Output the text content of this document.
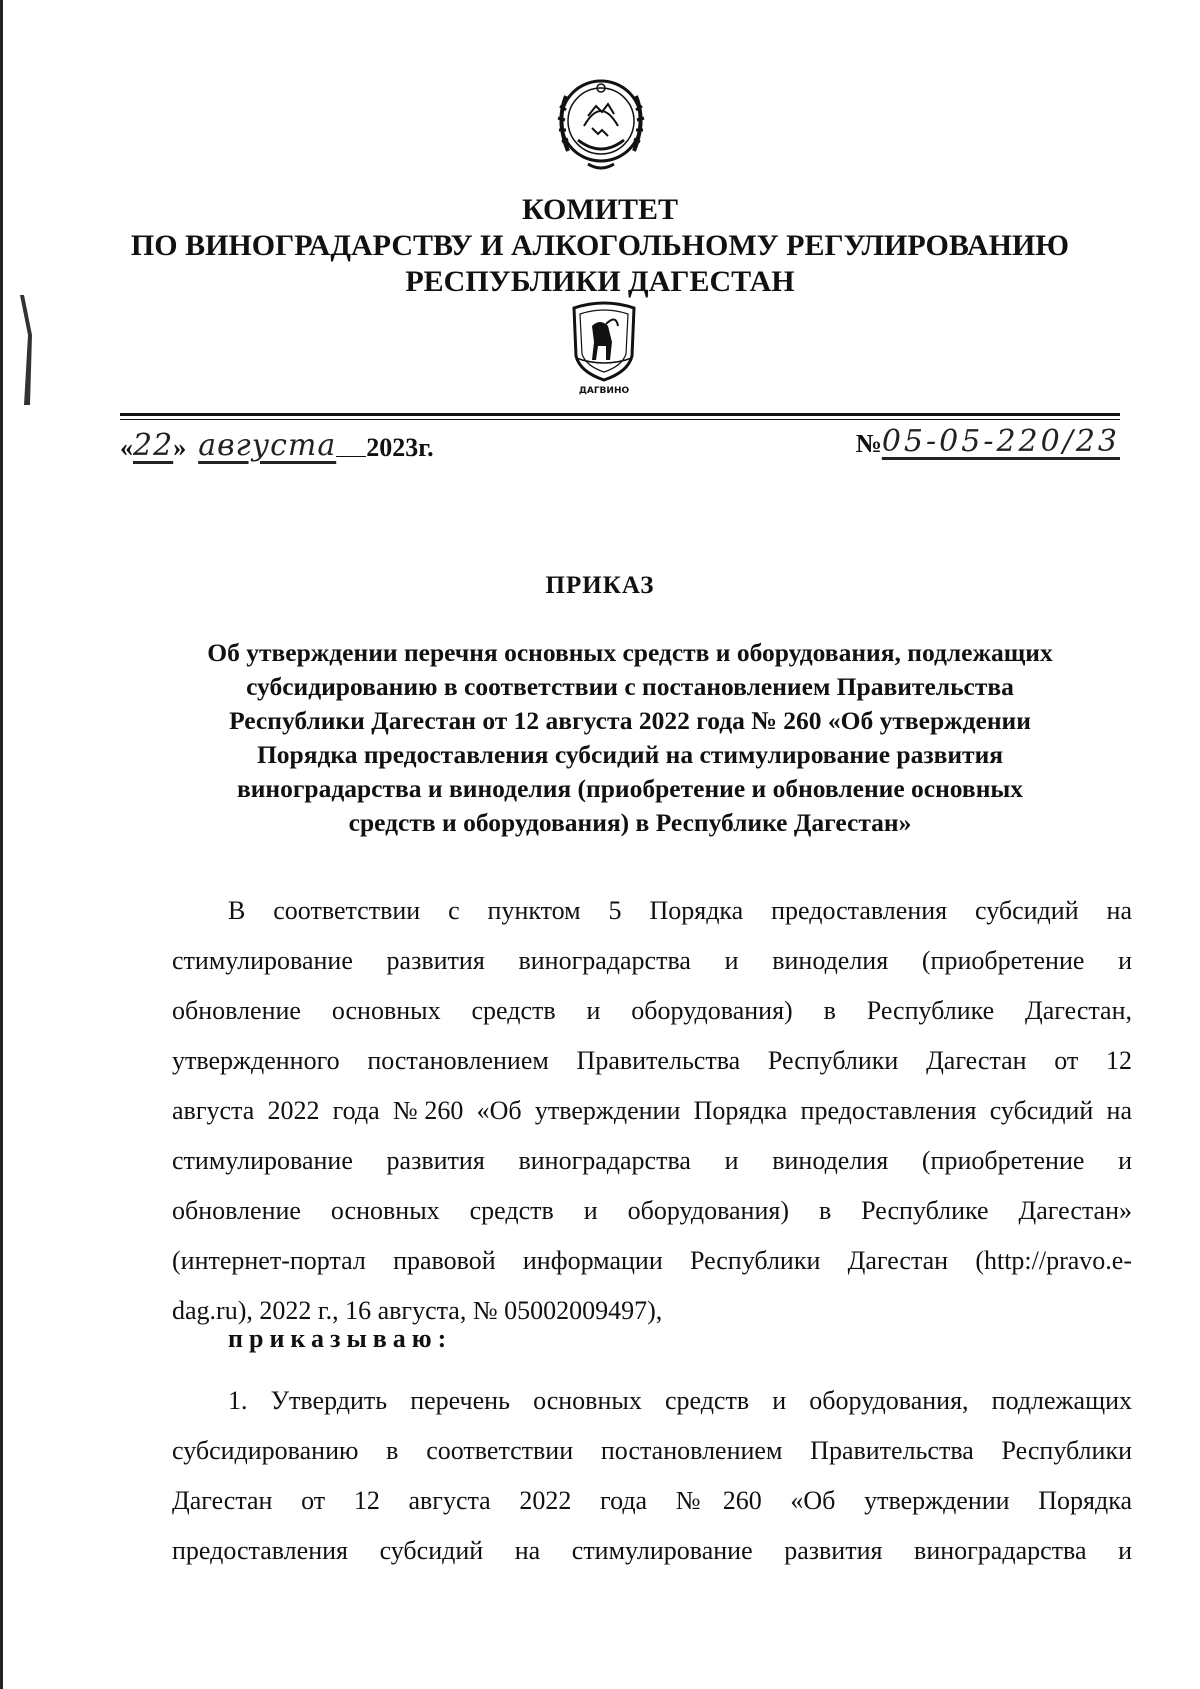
КОМИТЕТ
ПО ВИНОГРАДАРСТВУ И АЛКОГОЛЬНОМУ РЕГУЛИРОВАНИЮ
РЕСПУБЛИКИ ДАГЕСТАН
ДАГВИНО
« 22 » августа 2023г.	№ 05-05-220/23
ПРИКАЗ
Об утверждении перечня основных средств и оборудования, подлежащих
субсидированию в соответствии с постановлением Правительства
Республики Дагестан от 12 августа 2022 года № 260 «Об утверждении
Порядка предоставления субсидий на стимулирование развития
виноградарства и виноделия (приобретение и обновление основных
средств и оборудования) в Республике Дагестан»
В соответствии с пунктом 5 Порядка предоставления субсидий на
стимулирование развития виноградарства и виноделия (приобретение и
обновление основных средств и оборудования) в Республике Дагестан,
утвержденного постановлением Правительства Республики Дагестан от 12
августа 2022 года №260 «Об утверждении Порядка предоставления субсидий на
стимулирование развития виноградарства и виноделия (приобретение и
обновление основных средств и оборудования) в Республике Дагестан»
(интернет-портал правовой информации Республики Дагестан (http://pravo.e-
dag.ru), 2022 г., 16 августа, № 05002009497),
приказываю:
1. Утвердить перечень основных средств и оборудования, подлежащих
субсидированию в соответствии постановлением Правительства Республики
Дагестан от 12 августа 2022 года №260 «Об утверждении Порядка
предоставления субсидий на стимулирование развития виноградарства и
